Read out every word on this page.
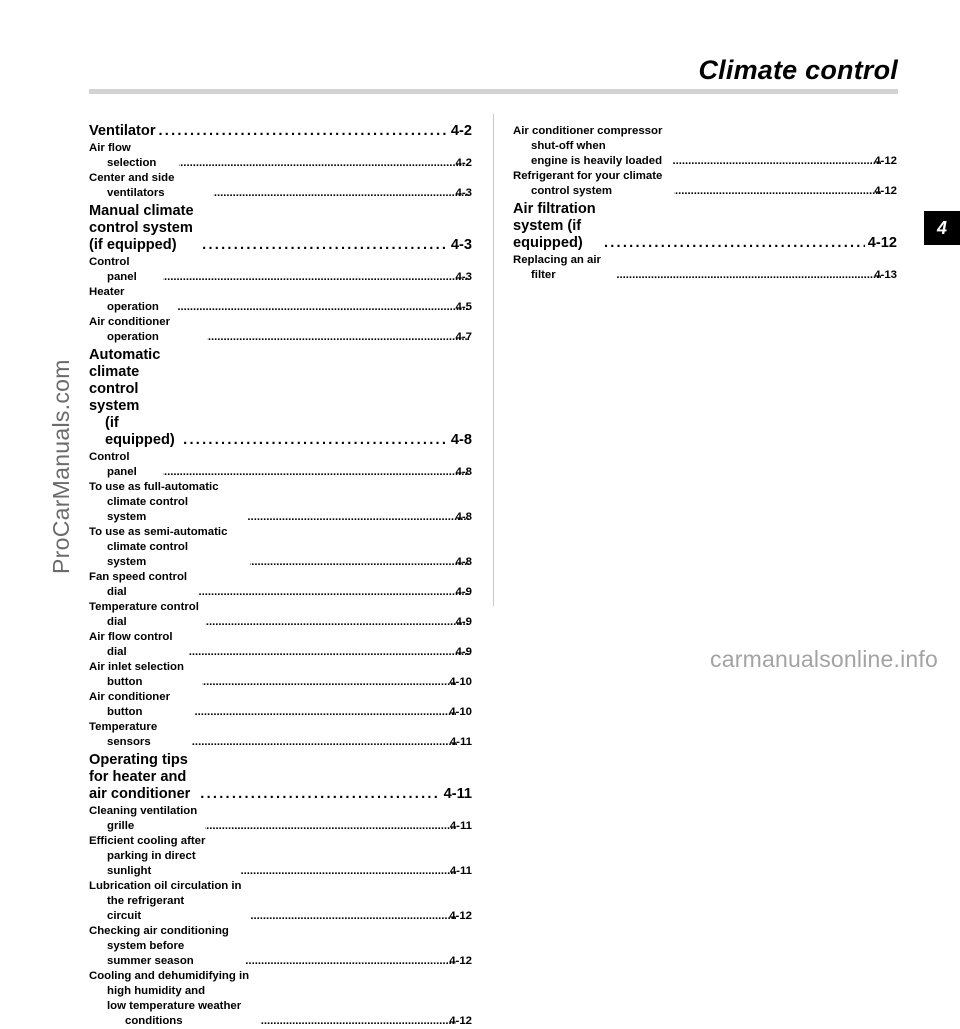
Climate control
ProCarManuals.com
4
Ventilator . . .	4-2
Air flow selection . . .	4-2
Center and side ventilators . . .	4-3
Manual climate control system (if equipped) . . .	4-3
Control panel . . .	4-3
Heater operation . . .	4-5
Air conditioner operation . . .	4-7
Automatic climate control system
(if equipped) . . .	4-8
Control panel . . .	4-8
To use as full-automatic climate control
system . . .	4-8
To use as semi-automatic climate control
system . . .	4-8
Fan speed control dial . . .	4-9
Temperature control dial . . .	4-9
Air flow control dial . . .	4-9
Air inlet selection button . . .	4-10
Air conditioner button . . .	4-10
Temperature sensors . . .	4-11
Operating tips for heater and air conditioner . . .	4-11
Cleaning ventilation grille . . .	4-11
Efficient cooling after parking in direct
sunlight . . .	4-11
Lubrication oil circulation in the refrigerant
circuit . . .	4-12
Checking air conditioning system before
summer season . . .	4-12
Cooling and dehumidifying in high humidity and
low temperature weather conditions . . .	4-12
Air conditioner compressor shut-off when
engine is heavily loaded . . .	4-12
Refrigerant for your climate control system . . .	4-12
Air filtration system (if equipped) . . .	4-12
Replacing an air filter . . .	4-13
carmanualsonline.info
